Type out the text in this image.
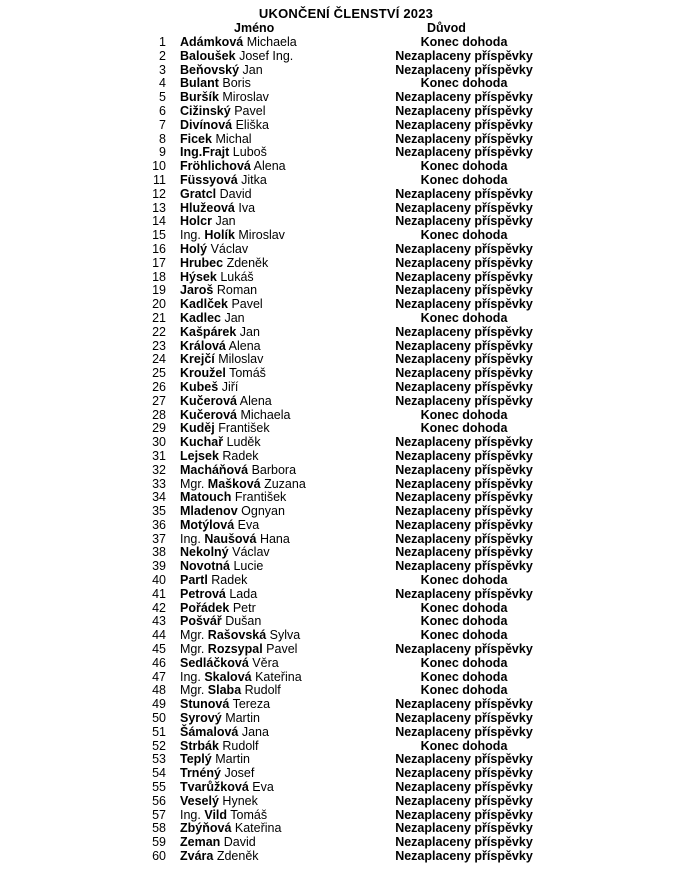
UKONČENÍ ČLENSTVÍ 2023
Jméno	Důvod
1 Adámková Michaela	Konec dohoda
2 Baloušek Josef Ing.	Nezaplaceny příspěvky
3 Beňovský Jan	Nezaplaceny příspěvky
4 Bulant Boris	Konec dohoda
5 Buršík Miroslav	Nezaplaceny příspěvky
6 Cižinský Pavel	Nezaplaceny příspěvky
7 Divínová Eliška	Nezaplaceny příspěvky
8 Ficek Michal	Nezaplaceny příspěvky
9 Ing.Frajt Luboš	Nezaplaceny příspěvky
10 Fröhlichová Alena	Konec dohoda
11 Füssyová Jitka	Konec dohoda
12 Gratcl David	Nezaplaceny příspěvky
13 Hlužeová Iva	Nezaplaceny příspěvky
14 Holcr Jan	Nezaplaceny příspěvky
15 Ing. Holík Miroslav	Konec dohoda
16 Holý Václav	Nezaplaceny příspěvky
17 Hrubec Zdeněk	Nezaplaceny příspěvky
18 Hýsek Lukáš	Nezaplaceny příspěvky
19 Jaroš Roman	Nezaplaceny příspěvky
20 Kadlček Pavel	Nezaplaceny příspěvky
21 Kadlec Jan	Konec dohoda
22 Kašpárek Jan	Nezaplaceny příspěvky
23 Králová Alena	Nezaplaceny příspěvky
24 Krejčí Miloslav	Nezaplaceny příspěvky
25 Kroužel Tomáš	Nezaplaceny příspěvky
26 Kubeš Jiří	Nezaplaceny příspěvky
27 Kučerová Alena	Nezaplaceny příspěvky
28 Kučerová Michaela	Konec dohoda
29 Kuděj František	Konec dohoda
30 Kuchař Luděk	Nezaplaceny příspěvky
31 Lejsek Radek	Nezaplaceny příspěvky
32 Macháňová Barbora	Nezaplaceny příspěvky
33 Mgr. Mašková Zuzana	Nezaplaceny příspěvky
34 Matouch František	Nezaplaceny příspěvky
35 Mladenov Ognyan	Nezaplaceny příspěvky
36 Motýlová Eva	Nezaplaceny příspěvky
37 Ing. Naušová Hana	Nezaplaceny příspěvky
38 Nekolný Václav	Nezaplaceny příspěvky
39 Novotná Lucie	Nezaplaceny příspěvky
40 Partl Radek	Konec dohoda
41 Petrová Lada	Nezaplaceny příspěvky
42 Pořádek Petr	Konec dohoda
43 Pošvář Dušan	Konec dohoda
44 Mgr. Rašovská Sylva	Konec dohoda
45 Mgr. Rozsypal Pavel	Nezaplaceny příspěvky
46 Sedláčková Věra	Konec dohoda
47 Ing. Skalová Kateřina	Konec dohoda
48 Mgr. Slaba Rudolf	Konec dohoda
49 Stunová Tereza	Nezaplaceny příspěvky
50 Syrový Martin	Nezaplaceny příspěvky
51 Šámalová Jana	Nezaplaceny příspěvky
52 Strbák Rudolf	Konec dohoda
53 Teplý Martin	Nezaplaceny příspěvky
54 Trnéný Josef	Nezaplaceny příspěvky
55 Tvarůžková Eva	Nezaplaceny příspěvky
56 Veselý Hynek	Nezaplaceny příspěvky
57 Ing. Vild Tomáš	Nezaplaceny příspěvky
58 Zbýňová Kateřina	Nezaplaceny příspěvky
59 Zeman David	Nezaplaceny příspěvky
60 Zvára Zdeněk	Nezaplaceny příspěvky
